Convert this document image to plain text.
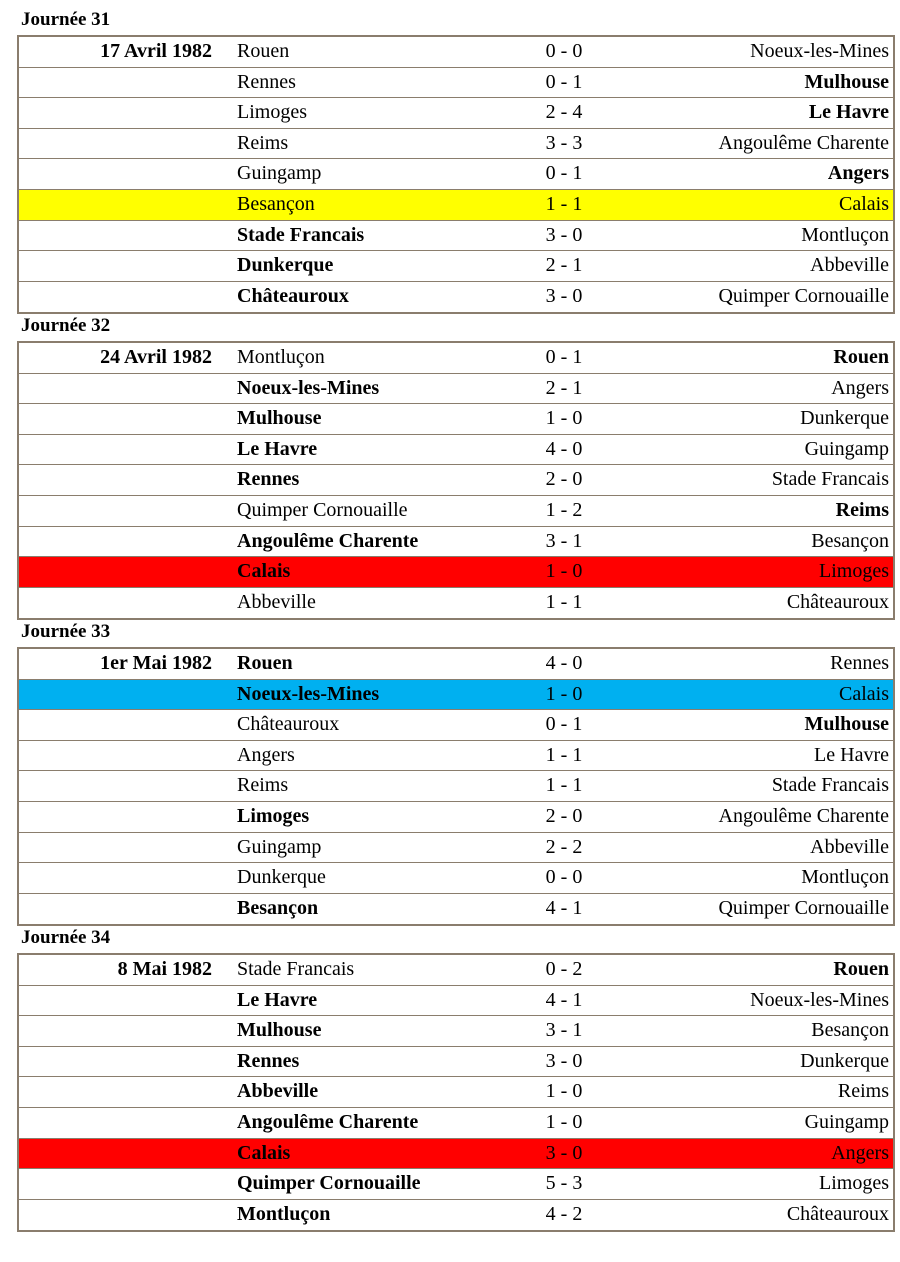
Journée 31
17 Avril 1982 Rouen	0 - 0	Noeux-les-Mines
Rennes	0 - 1	Mulhouse
Limoges	2 - 4	Le Havre
Reims	3 - 3	Angoulême Charente
Guingamp	0 - 1	Angers
Besançon	1 - 1	Calais
Stade Francais	3 - 0	Montluçon
Dunkerque	2 - 1	Abbeville
Châteauroux	3 - 0	Quimper Cornouaille
Journée 32
24 Avril 1982 Montluçon	0 - 1	Rouen
Noeux-les-Mines	2 - 1	Angers
Mulhouse	1 - 0	Dunkerque
Le Havre	4 - 0	Guingamp
Rennes	2 - 0	Stade Francais
Quimper Cornouaille	1 - 2	Reims
Angoulême Charente	3 - 1	Besançon
Calais	1 - 0	Limoges
Abbeville	1 - 1	Châteauroux
Journée 33
1er Mai 1982 Rouen	4 - 0	Rennes
Noeux-les-Mines	1 - 0	Calais
Châteauroux	0 - 1	Mulhouse
Angers	1 - 1	Le Havre
Reims	1 - 1	Stade Francais
Limoges	2 - 0	Angoulême Charente
Guingamp	2 - 2	Abbeville
Dunkerque	0 - 0	Montluçon
Besançon	4 - 1	Quimper Cornouaille
Journée 34
8 Mai 1982 Stade Francais	0 - 2	Rouen
Le Havre	4 - 1	Noeux-les-Mines
Mulhouse	3 - 1	Besançon
Rennes	3 - 0	Dunkerque
Abbeville	1 - 0	Reims
Angoulême Charente	1 - 0	Guingamp
Calais	3 - 0	Angers
Quimper Cornouaille	5 - 3	Limoges
Montluçon	4 - 2	Châteauroux
